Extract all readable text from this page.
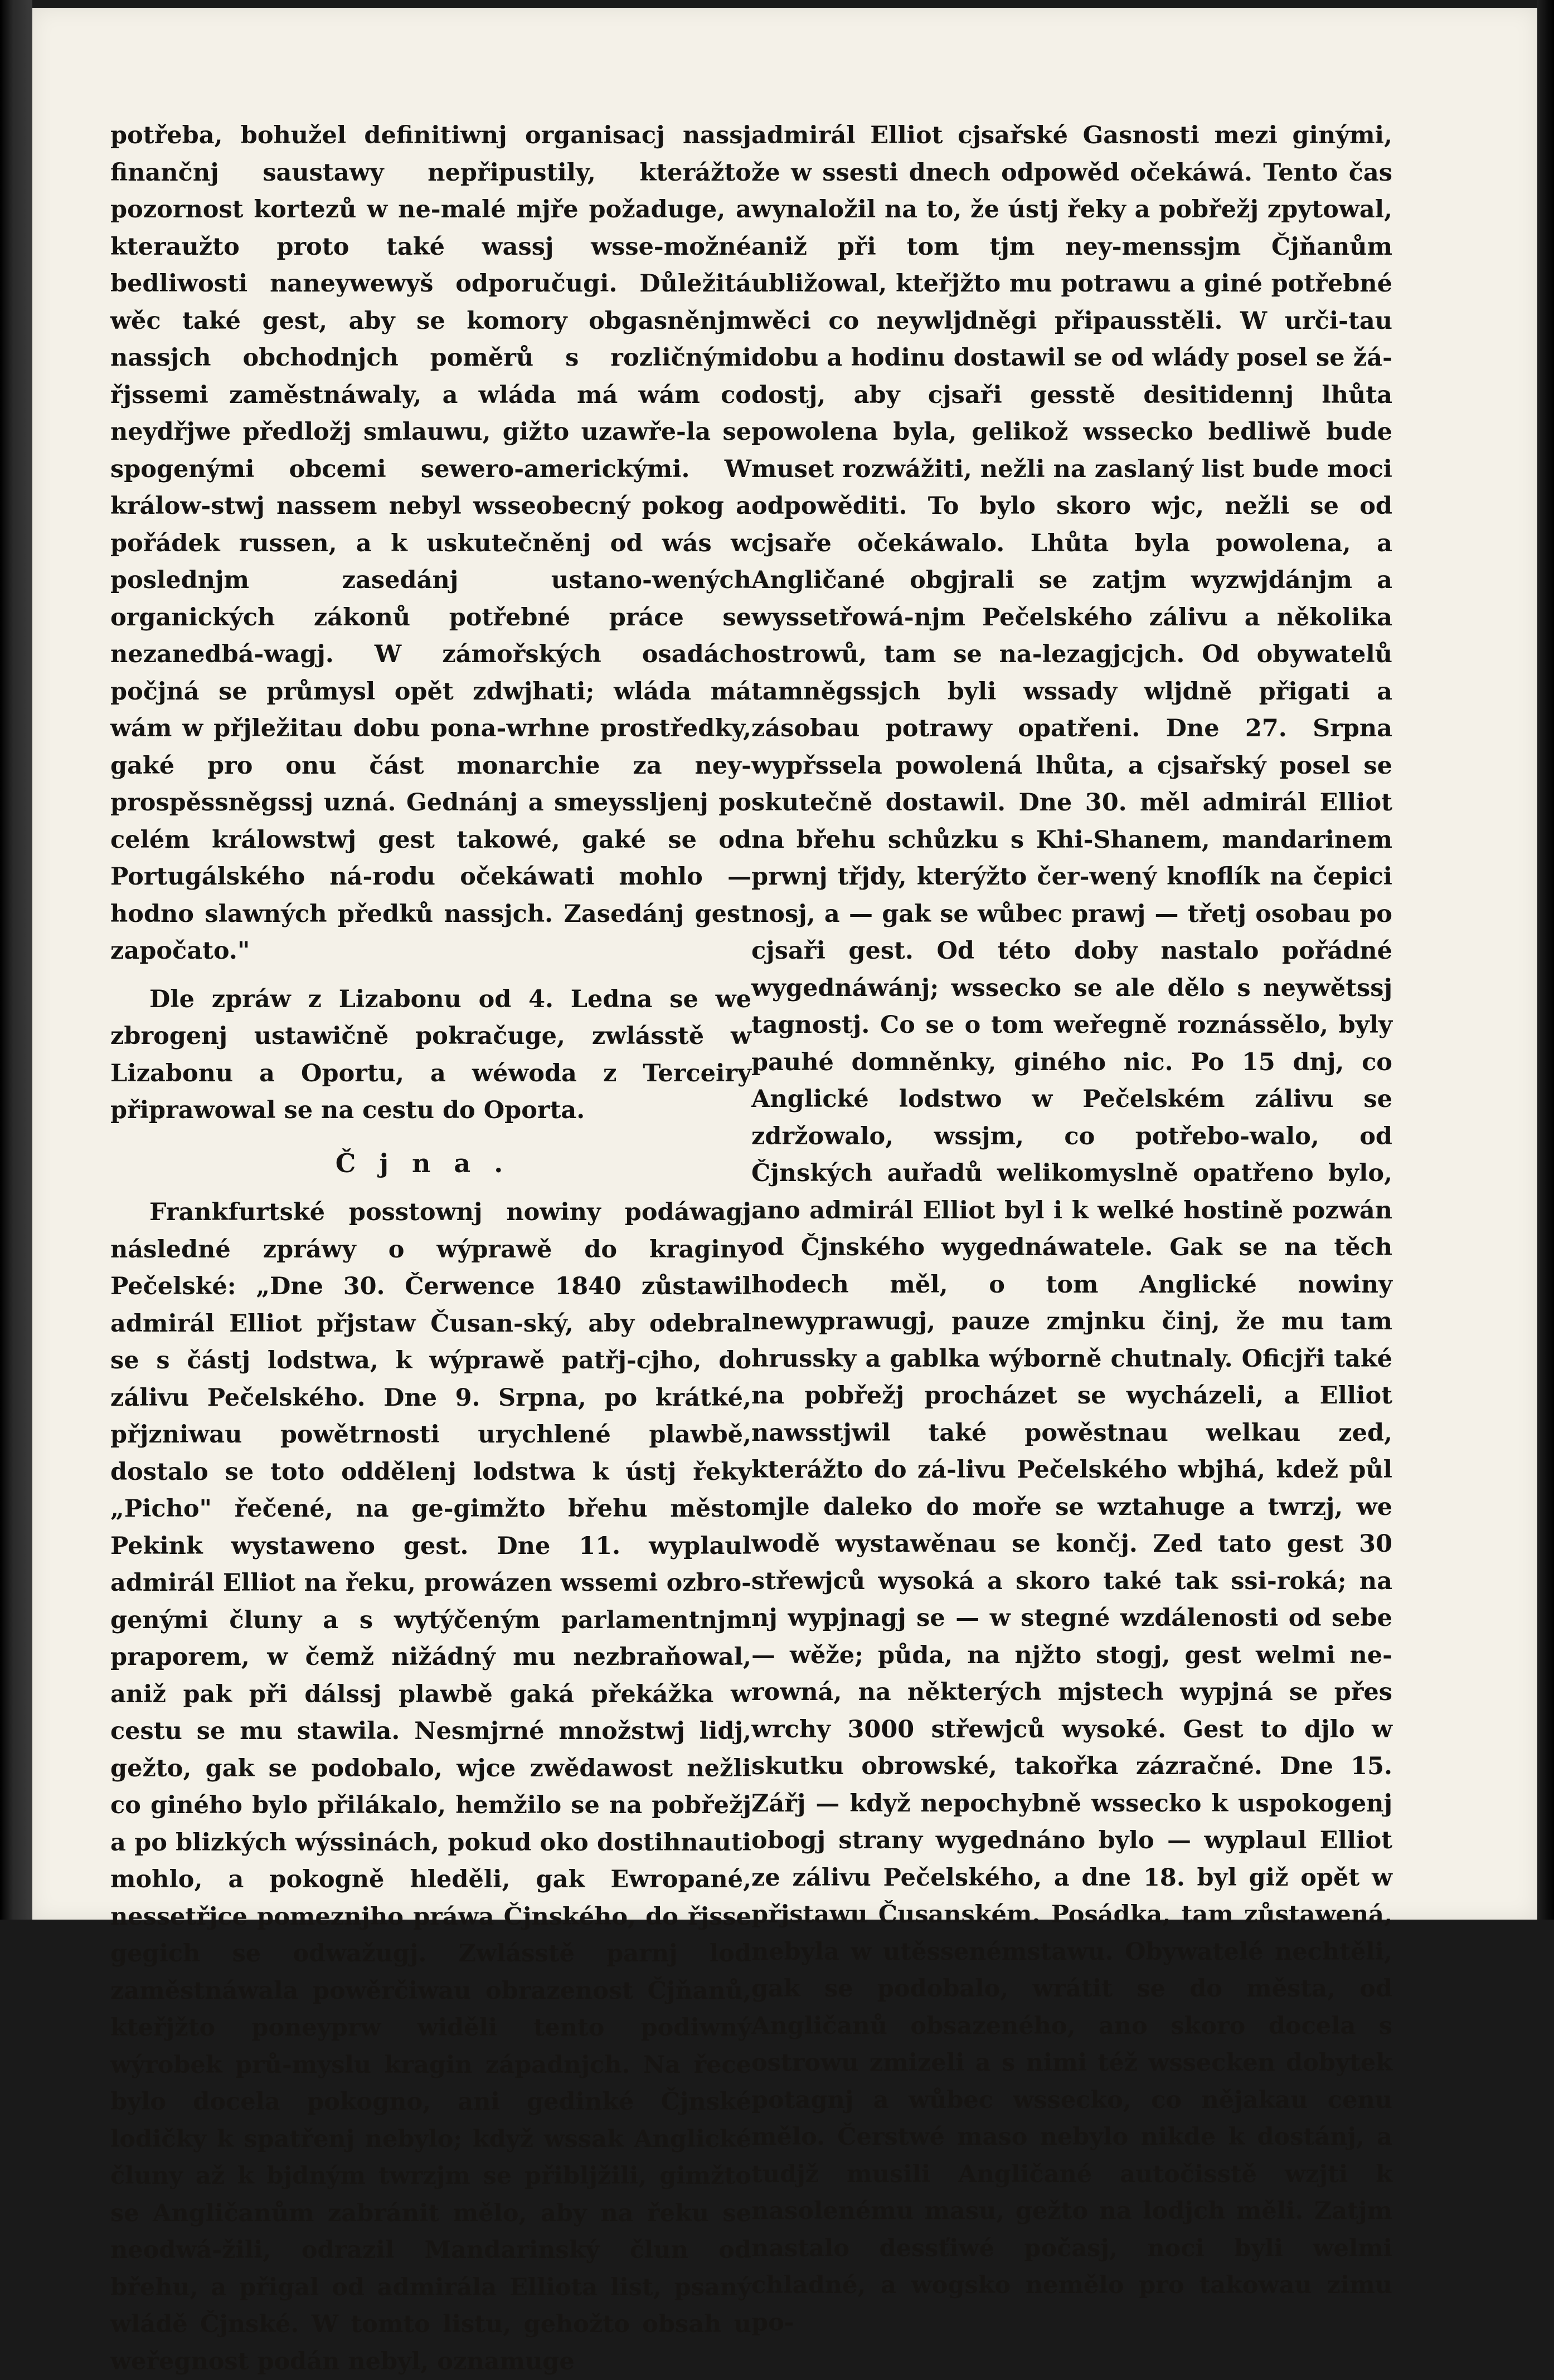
potřeba, bohužel definitiwnj organisacj nassj finančnj saustawy nepřipustily, kterážto pozornost kortezů w ne-malé mjře požaduge, a kteraužto proto také wassj wsse-možné bedliwosti naneywewyš odporučugi. Důležitá wěc také gest, aby se komory obgasněnjm nassjch obchodnjch poměrů s rozličnými řjssemi zaměstnáwaly, a wláda má wám co neydřjwe předložj smlauwu, gižto uzawře-la se spogenými obcemi sewero-americkými. W králow-stwj nassem nebyl wsseobecný pokog a pořádek russen, a k uskutečněnj od wás w poslednjm zasedánj ustano-wených organických zákonů potřebné práce se nezanedbá-wagj. W zámořských osadách počjná se průmysl opět zdwjhati; wláda má wám w přjležitau dobu pona-wrhne prostředky, gaké pro onu část monarchie za ney-prospěssněgssj uzná. Gednánj a smeyssljenj po celém králowstwj gest takowé, gaké se od Portugálského ná-rodu očekáwati mohlo — hodno slawných předků nassjch. Zasedánj gest započato."

Dle zpráw z Lizabonu od 4. Ledna se we zbrogenj ustawičně pokračuge, zwlásstě w Lizabonu a Oportu, a wéwoda z Terceiry připrawowal se na cestu do Oporta.

Čjna.

Frankfurtské posstownj nowiny podáwagj následné zpráwy o wýprawě do kraginy Pečelské: „Dne 30. Čerwence 1840 zůstawil admirál Elliot přjstaw Čusan-ský, aby odebral se s částj lodstwa, k wýprawě patřj-cjho, do zálivu Pečelského. Dne 9. Srpna, po krátké, přjzniwau powětrnosti urychlené plawbě, dostalo se toto oddělenj lodstwa k ústj řeky „Picho" řečené, na ge-gimžto břehu město Pekink wystaweno gest. Dne 11. wyplaul admirál Elliot na řeku, prowázen wssemi ozbro-genými čluny a s wytýčeným parlamentnjm praporem, w čemž nižádný mu nezbraňowal, aniž pak při dálssj plawbě gaká překážka w cestu se mu stawila. Nesmjrné množstwj lidj, gežto, gak se podobalo, wjce zwědawost nežli co giného bylo přilákalo, hemžilo se na pobřežj a po blizkých wýssinách, pokud oko dostihnauti mohlo, a pokogně hleděli, gak Ewropané, nessetřjce pomeznjho práwa Čjnského, do řjsse gegich se odwažugj. Zwlásstě parnj lod zaměstnáwala powěrčiwau obrazenost Čjňanů, kteřjžto poneyprw widěli tento podiwný wýrobek prů-myslu kragin západnjch. Na řece bylo docela pokogno, ani gedinké Čjnské lodičky k spatřenj nebylo; když wssak Anglické čluny až k bjdným twrzjm se přibljžili, gimžto se Angličanům zabránit mělo, aby na řeku se neodwá-žili, odrazil Mandarinský člun od břehu, a přigal od admirála Elliota list, psaný wládě Čjnské. W tomto listu, gehožto obsah u weřegnost podán nebyl, oznamuge

admirál Elliot cjsařské Gasnosti mezi ginými, že w ssesti dnech odpowěd očekáwá. Tento čas wynaložil na to, že ústj řeky a pobřežj zpytowal, aniž při tom tjm ney-menssjm Čjňanům ubližowal, kteřjžto mu potrawu a giné potřebné wěci co neywljdněgi připausstěli. W urči-tau dobu a hodinu dostawil se od wlády posel se žá-dostj, aby cjsaři gesstě desitidennj lhůta powolena byla, gelikož wssecko bedliwě bude muset rozwážiti, nežli na zaslaný list bude moci odpowěditi. To bylo skoro wjc, nežli se od cjsaře očekáwalo. Lhůta byla powolena, a Angličané obgjrali se zatjm wyzwjdánjm a wyssetřowá-njm Pečelského zálivu a několika ostrowů, tam se na-lezagjcjch. Od obywatelů tamněgssjch byli wssady wljdně přigati a zásobau potrawy opatřeni. Dne 27. Srpna wypřssela powolená lhůta, a cjsařský posel se skutečně dostawil. Dne 30. měl admirál Elliot na břehu schůzku s Khi-Shanem, mandarinem prwnj třjdy, kterýžto čer-wený knoflík na čepici nosj, a — gak se wůbec prawj — třetj osobau po cjsaři gest. Od této doby nastalo pořádné wygednáwánj; wssecko se ale dělo s neywětssj tagnostj. Co se o tom weřegně roznássělo, byly pauhé domněnky, giného nic. Po 15 dnj, co Anglické lodstwo w Pečelském zálivu se zdržowalo, wssjm, co potřebo-walo, od Čjnských auřadů welikomyslně opatřeno bylo, ano admirál Elliot byl i k welké hostině pozwán od Čjnského wygednáwatele. Gak se na těch hodech měl, o tom Anglické nowiny newyprawugj, pauze zmjnku činj, že mu tam hrussky a gablka wýborně chutnaly. Oficjři také na pobřežj procházet se wycházeli, a Elliot nawsstjwil také powěstnau welkau zed, kterážto do zá-livu Pečelského wbjhá, kdež půl mjle daleko do moře se wztahuge a twrzj, we wodě wystawěnau se končj. Zed tato gest 30 střewjců wysoká a skoro také tak ssi-roká; na nj wypjnagj se — w stegné wzdálenosti od sebe — wěže; půda, na njžto stogj, gest welmi ne-rowná, na některých mjstech wypjná se přes wrchy 3000 střewjců wysoké. Gest to djlo w skutku obrowské, takořka zázračné. Dne 15. Zářj — když nepochybně wssecko k uspokogenj obogj strany wygednáno bylo — wyplaul Elliot ze zálivu Pečelského, a dne 18. byl giž opět w přjstawu Čusanském. Posádka, tam zůstawená, nebyla w utěssenémstawu. Obywatelé nechtěli, gak se podobalo, wrátit se do města, od Angličanů obsazeného, ano skoro docela s ostrowu zmizeli a s nimi též wssecken dobytek potagnj a wůbec wssecko, co nějakau cenu mělo. Čerstwé maso nebylo nikde k dostánj, a tudjž musili Angličané autočisstě wzjti k nasolenému masu, gežto na lodjch měli. Zatjm nastalo dessťiwé počasj, noci byli welmi chladné, a wogsko nemělo pro takowau zimu po-
